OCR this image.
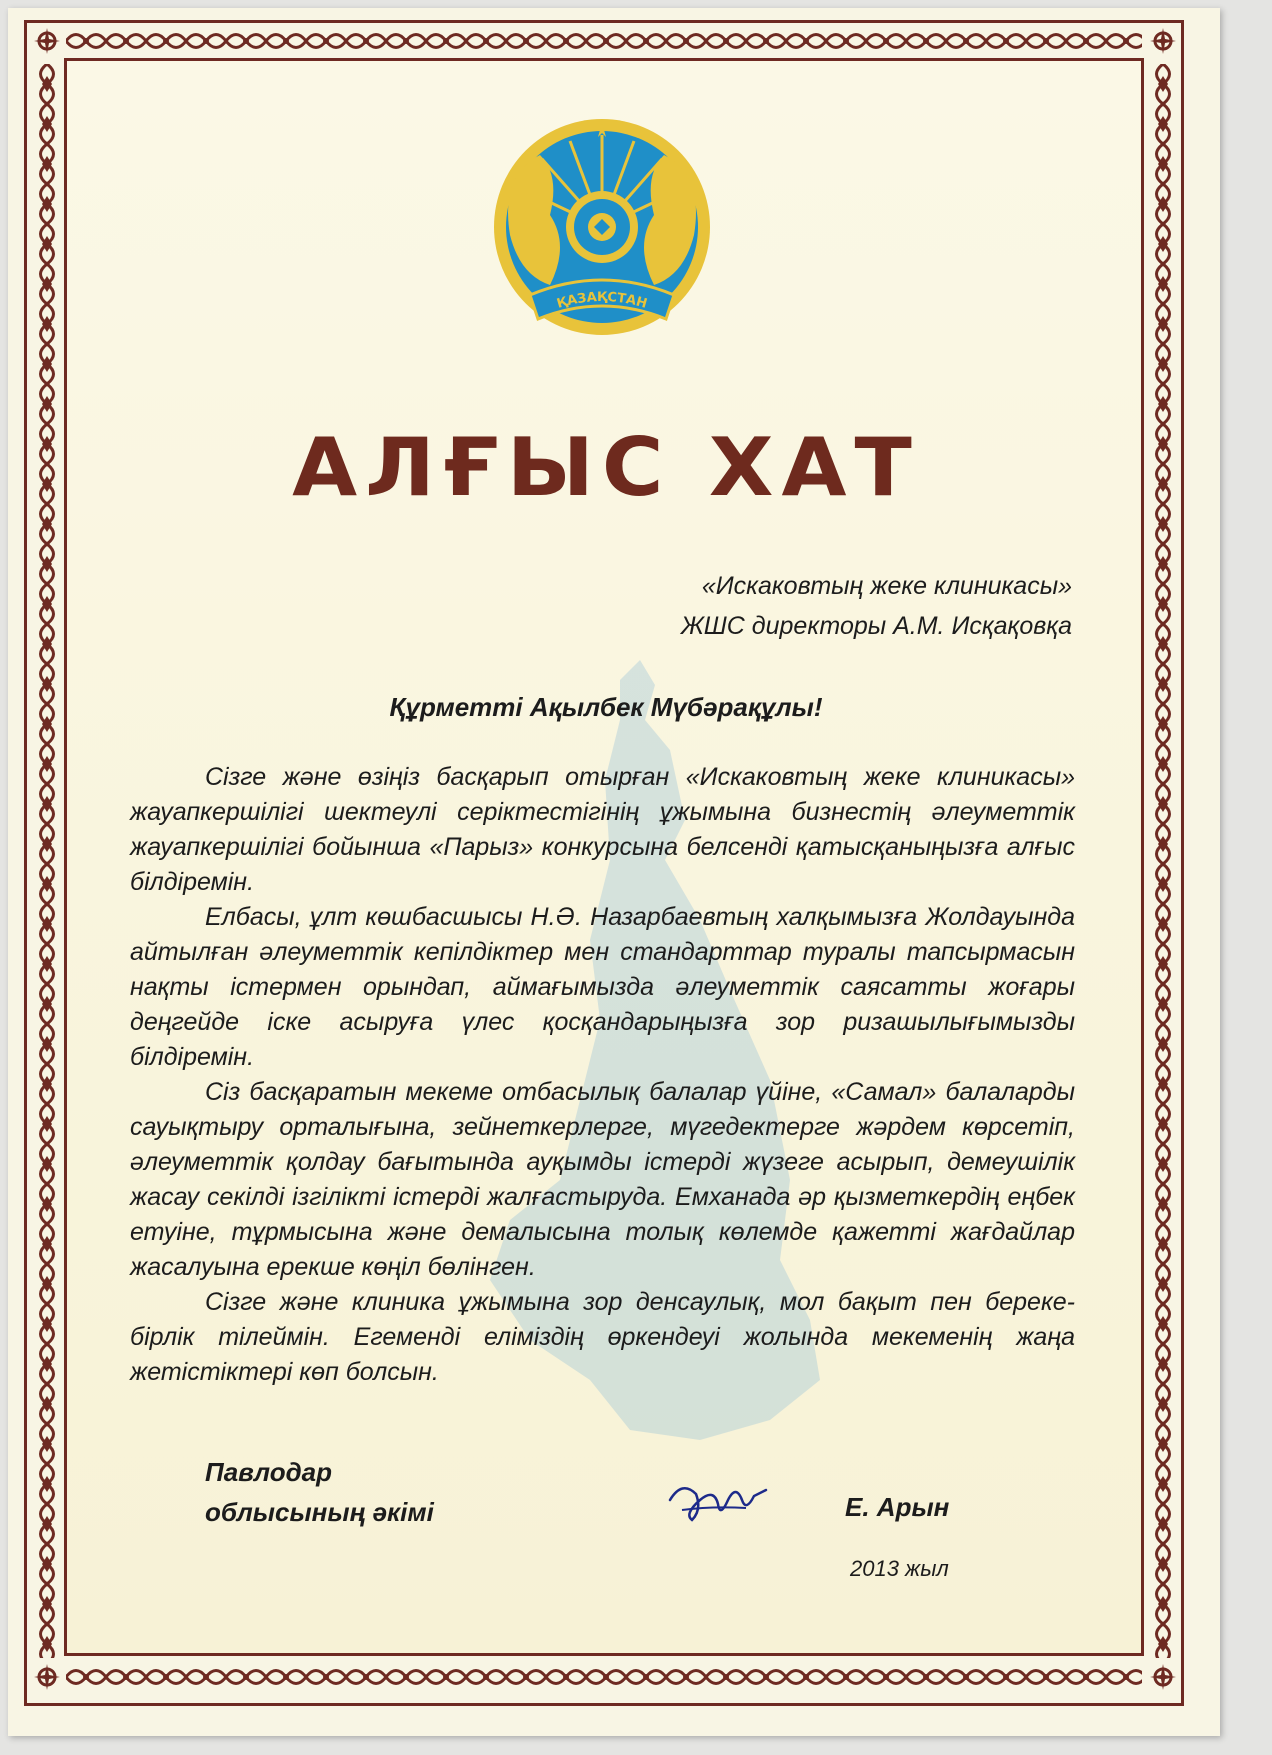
ҚАЗАҚСТАН
АЛҒЫС ХАТ
«Искаковтың жеке клиникасы»
ЖШС директоры А.М. Исқақовқа
Құрметті Ақылбек Мүбәрақұлы!

Сізге және өзіңіз басқарып отырған «Искаковтың жеке клиникасы» жауапкершілігі шектеулі серіктестігінің ұжымына бизнестің әлеуметтік жауапкершілігі бойынша «Парыз» конкурсына белсенді қатысқаныңызға алғыс білдіремін.

Елбасы, ұлт көшбасшысы Н.Ә. Назарбаевтың халқымызға Жолдауында айтылған әлеуметтік кепілдіктер мен стандарттар туралы тапсырмасын нақты істермен орындап, аймағымызда әлеуметтік саясатты жоғары деңгейде іске асыруға үлес қосқандарыңызға зор ризашылығымызды білдіремін.

Сіз басқаратын мекеме отбасылық балалар үйіне, «Самал» балаларды сауықтыру орталығына, зейнеткерлерге, мүгедектерге жәрдем көрсетіп, әлеуметтік қолдау бағытында ауқымды істерді жүзеге асырып, демеушілік жасау секілді ізгілікті істерді жалғастыруда. Емханада әр қызметкердің еңбек етуіне, тұрмысына және демалысына толық көлемде қажетті жағдайлар жасалуына ерекше көңіл бөлінген.

Сізге және клиника ұжымына зор денсаулық, мол бақыт пен береке-бірлік тілеймін. Егеменді еліміздің өркендеуі жолында мекеменің жаңа жетістіктері көп болсын.

Павлодар
облысының әкімі	Е. Арын
2013 жыл
